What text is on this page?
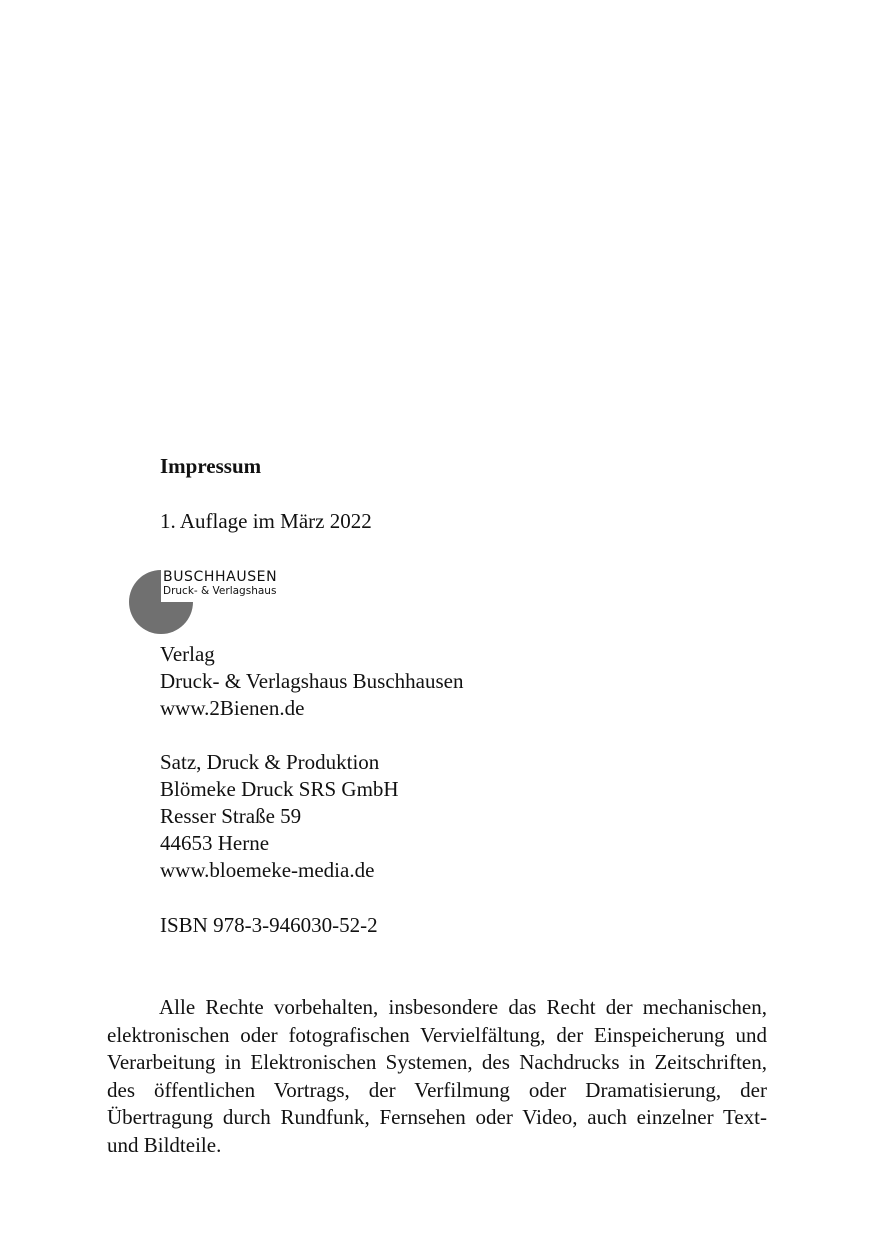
Impressum
1. Auflage im März 2022
BUSCHHAUSEN
Druck- & Verlagshaus
Verlag
Druck- & Verlagshaus Buschhausen
www.2Bienen.de
Satz, Druck & Produktion
Blömeke Druck SRS GmbH
Resser Straße 59
44653 Herne
www.bloemeke-media.de
ISBN 978-3-946030-52-2

Alle Rechte vorbehalten, insbesondere das Recht der mechanischen, elektronischen oder fotografischen Vervielfältung, der Einspeicherung und Verarbeitung in Elektronischen Systemen, des Nachdrucks in Zeitschriften, des öffentlichen Vortrags, der Verfilmung oder Dramatisierung, der Übertragung durch Rundfunk, Fernsehen oder Video, auch einzelner Text- und Bildteile.
